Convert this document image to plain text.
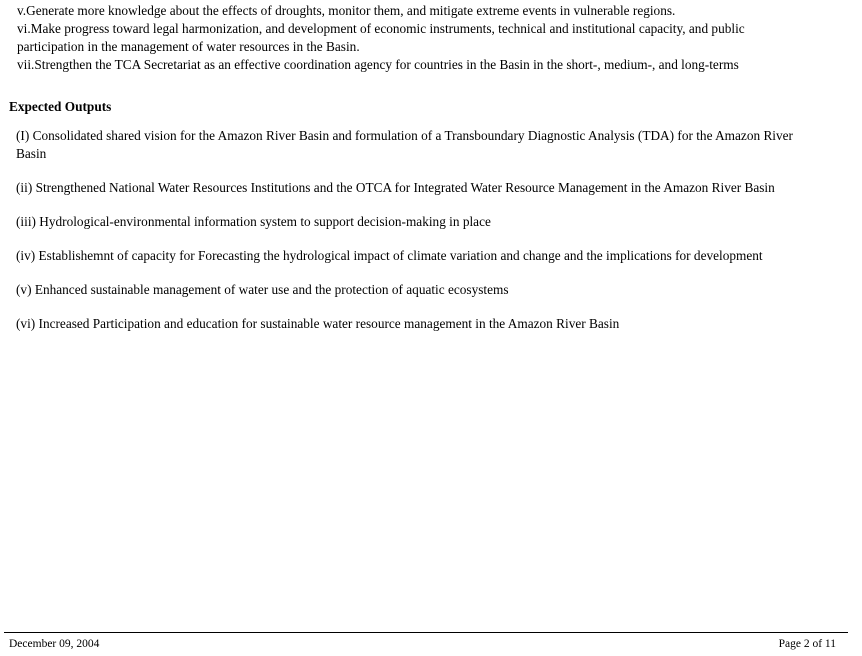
v.Generate more knowledge about the effects of droughts, monitor them, and mitigate extreme events in vulnerable regions.

vi.Make progress toward legal harmonization, and development of economic instruments, technical and institutional capacity, and public participation in the management of water resources in the Basin.

vii.Strengthen the TCA Secretariat as an effective coordination agency for countries in the Basin in the short-, medium-, and long-terms

Expected Outputs

(I) Consolidated shared vision for the Amazon River Basin and formulation of a Transboundary Diagnostic Analysis (TDA) for the Amazon River Basin

(ii) Strengthened National Water Resources Institutions and the OTCA for Integrated Water Resource Management in the Amazon River Basin

(iii) Hydrological-environmental information system to support decision-making in place

(iv) Establishemnt of capacity for Forecasting the hydrological impact of climate variation and change and the implications for development

(v) Enhanced sustainable management of water use and the protection of aquatic ecosystems

(vi) Increased Participation and education for sustainable water resource management in the Amazon River Basin

December 09, 2004	Page 2 of 11
